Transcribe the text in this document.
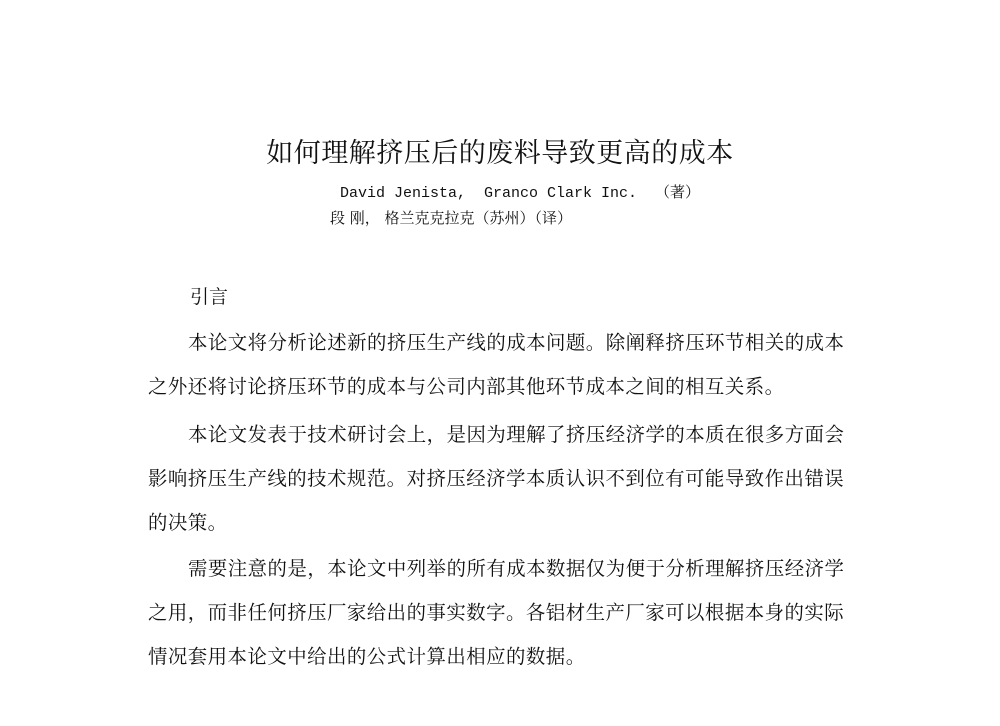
如何理解挤压后的废料导致更高的成本
David Jenista,  Granco Clark Inc.  （著）
段 刚， 格兰克克拉克（苏州）（译）
引言
本论文将分析论述新的挤压生产线的成本问题。除阐释挤压环节相关的成本
之外还将讨论挤压环节的成本与公司内部其他环节成本之间的相互关系。
本论文发表于技术研讨会上，是因为理解了挤压经济学的本质在很多方面会
影响挤压生产线的技术规范。对挤压经济学本质认识不到位有可能导致作出错误
的决策。
需要注意的是，本论文中列举的所有成本数据仅为便于分析理解挤压经济学
之用，而非任何挤压厂家给出的事实数字。各铝材生产厂家可以根据本身的实际
情况套用本论文中给出的公式计算出相应的数据。
